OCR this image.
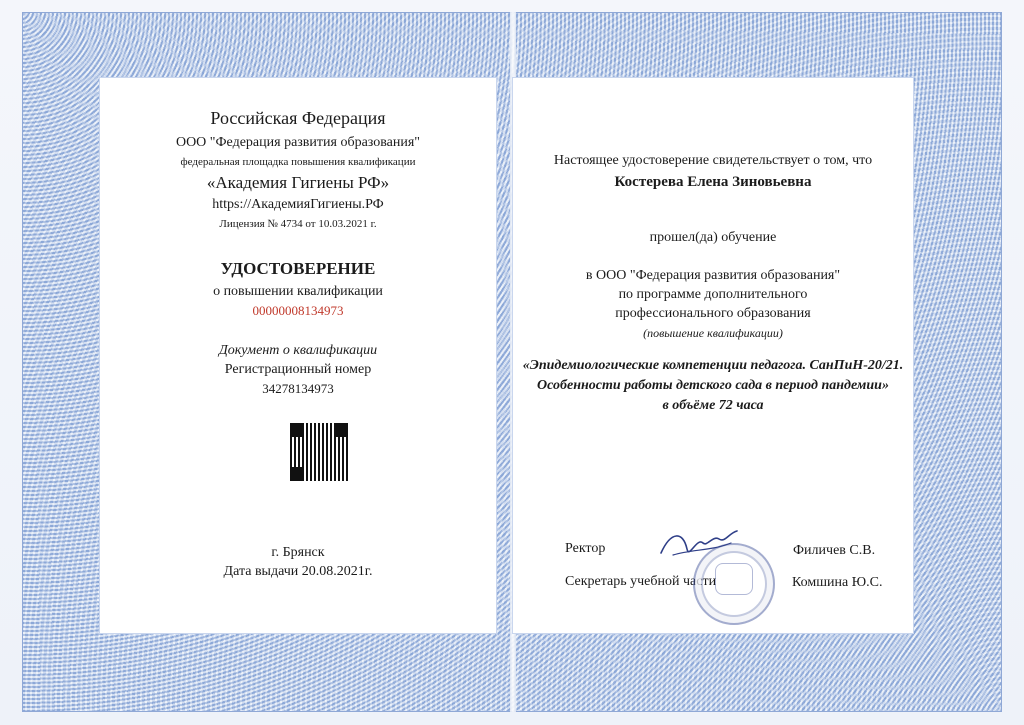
Российская Федерация
ООО "Федерация развития образования"
федеральная площадка повышения квалификации
«Академия Гигиены РФ»
https://АкадемияГигиены.РФ
Лицензия № 4734 от 10.03.2021 г.
УДОСТОВЕРЕНИЕ
о повышении квалификации
00000008134973
Документ о квалификации
Регистрационный номер
34278134973
г. Брянск
Дата выдачи 20.08.2021г.
Настоящее удостоверение свидетельствует о том, что
Костерева Елена Зиновьевна
прошел(да) обучение
в ООО "Федерация развития образования"
по программе дополнительного
профессионального образования
(повышение квалификации)
«Эпидемиологические компетенции педагога. СанПиН-20/21.
Особенности работы детского сада в период пандемии»
в объёме 72 часа
Ректор	Филичев С.В.
Секретарь учебной части	Комшина Ю.С.
